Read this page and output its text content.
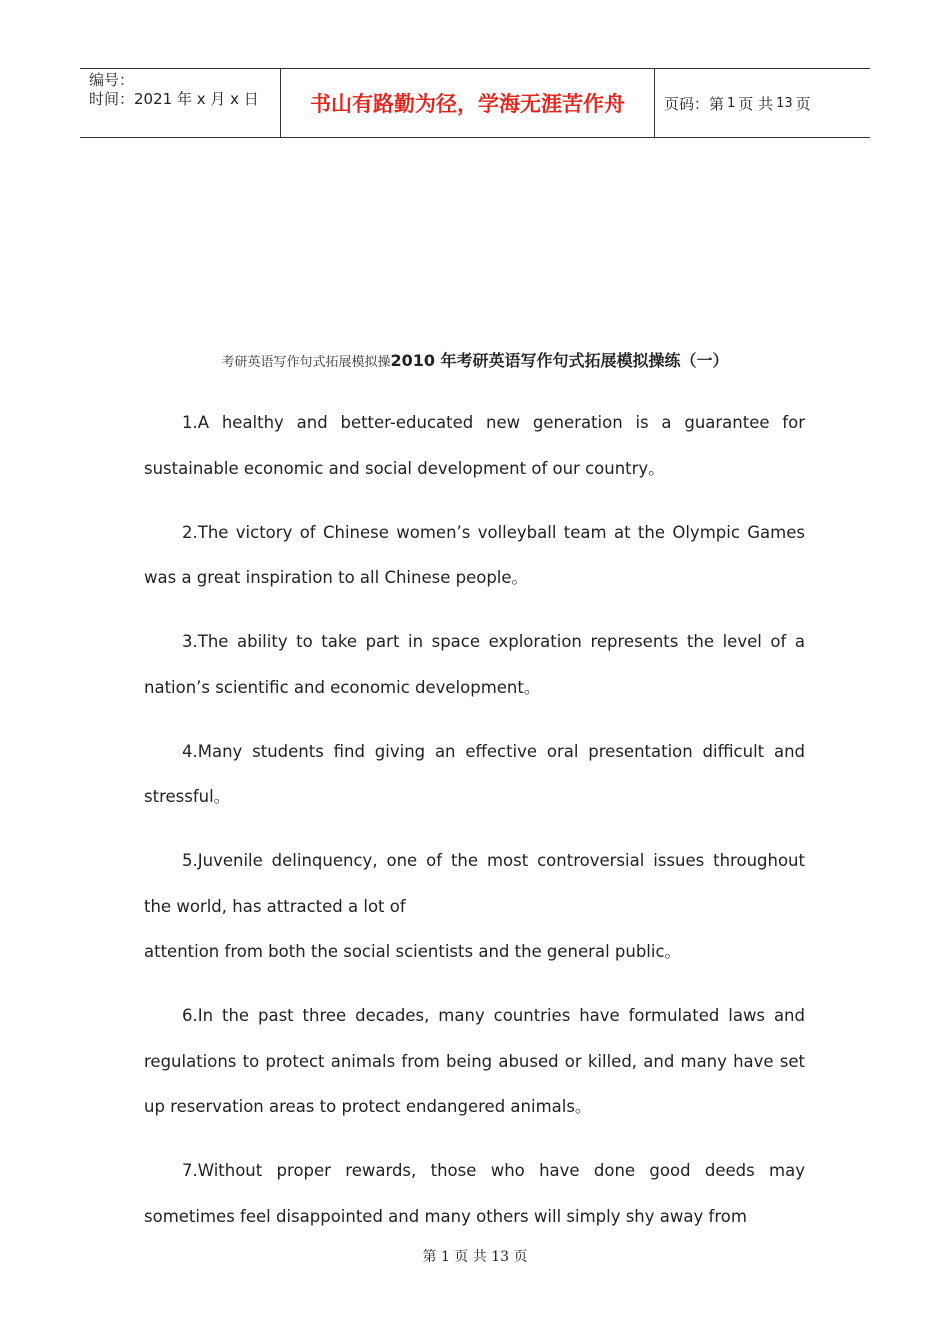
编号：
时间：2021 年 x 月 x 日	书山有路勤为径，学海无涯苦作舟	页码：第 1 页 共 13 页
考研英语写作句式拓展模拟操2010 年考研英语写作句式拓展模拟操练（一）

1.A healthy and better-educated new generation is a guarantee for sustainable economic and social development of our country。

2.The victory of Chinese women’s volleyball team at the Olympic Games was a great inspiration to all Chinese people。

3.The ability to take part in space exploration represents the level of a nation’s scientific and economic development。

4.Many students find giving an effective oral presentation difficult and stressful。

5.Juvenile delinquency, one of the most controversial issues throughout the world, has attracted a lot of
attention from both the social scientists and the general public。

6.In the past three decades, many countries have formulated laws and regulations to protect animals from being abused or killed, and many have set up reservation areas to protect endangered animals。

7.Without proper rewards, those who have done good deeds may sometimes feel disappointed and many others will simply shy away from

第 1 页 共 13 页
